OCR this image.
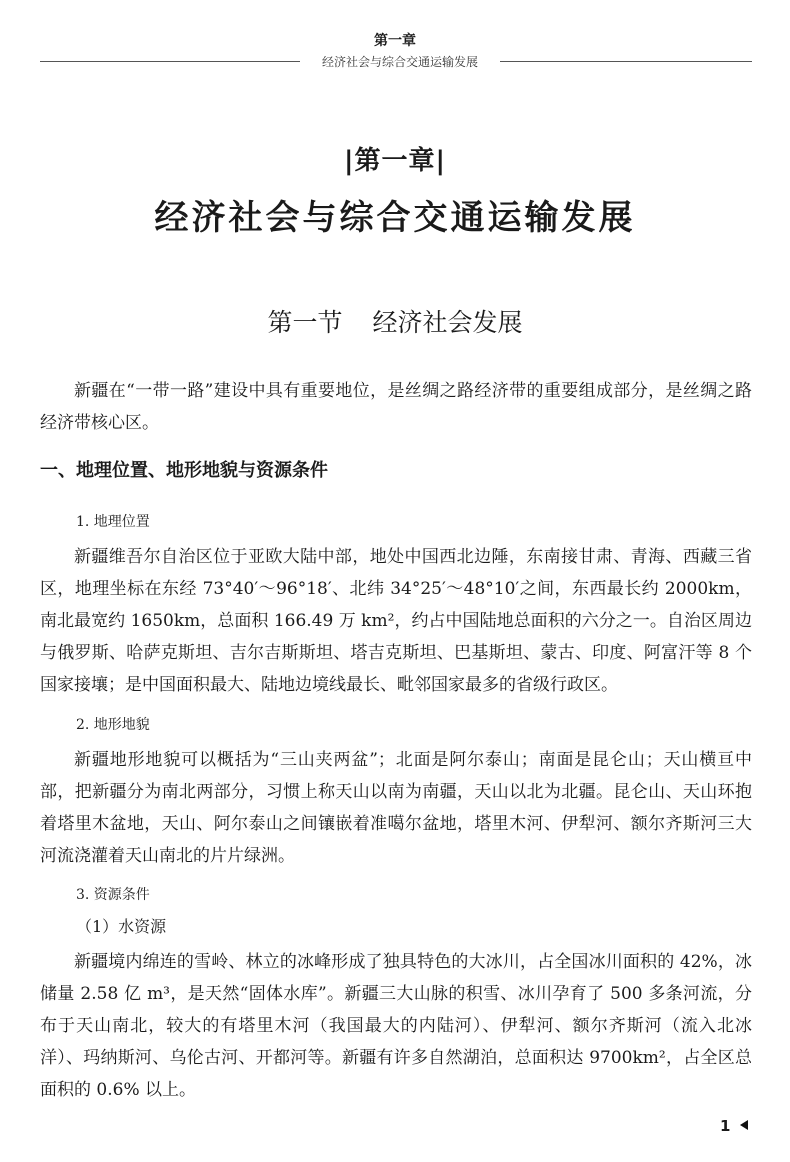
第一章
经济社会与综合交通运输发展
|第一章|
经济社会与综合交通运输发展
第一节 经济社会发展

新疆在“一带一路”建设中具有重要地位，是丝绸之路经济带的重要组成部分，是丝绸之路经济带核心区。

一、地理位置、地形地貌与资源条件
1. 地理位置

新疆维吾尔自治区位于亚欧大陆中部，地处中国西北边陲，东南接甘肃、青海、西藏三省区，地理坐标在东经 73°40′～96°18′、北纬 34°25′～48°10′之间，东西最长约 2000km，南北最宽约 1650km，总面积 166.49 万 km²，约占中国陆地总面积的六分之一。自治区周边与俄罗斯、哈萨克斯坦、吉尔吉斯斯坦、塔吉克斯坦、巴基斯坦、蒙古、印度、阿富汗等 8 个国家接壤；是中国面积最大、陆地边境线最长、毗邻国家最多的省级行政区。

2. 地形地貌

新疆地形地貌可以概括为“三山夹两盆”；北面是阿尔泰山；南面是昆仑山；天山横亘中部，把新疆分为南北两部分，习惯上称天山以南为南疆，天山以北为北疆。昆仑山、天山环抱着塔里木盆地，天山、阿尔泰山之间镶嵌着准噶尔盆地，塔里木河、伊犁河、额尔齐斯河三大河流浇灌着天山南北的片片绿洲。

3. 资源条件
（1）水资源

新疆境内绵连的雪岭、林立的冰峰形成了独具特色的大冰川，占全国冰川面积的 42%，冰储量 2.58 亿 m³，是天然“固体水库”。新疆三大山脉的积雪、冰川孕育了 500 多条河流，分布于天山南北，较大的有塔里木河（我国最大的内陆河）、伊犁河、额尔齐斯河（流入北冰洋）、玛纳斯河、乌伦古河、开都河等。新疆有许多自然湖泊，总面积达 9700km²，占全区总面积的 0.6% 以上。

1
